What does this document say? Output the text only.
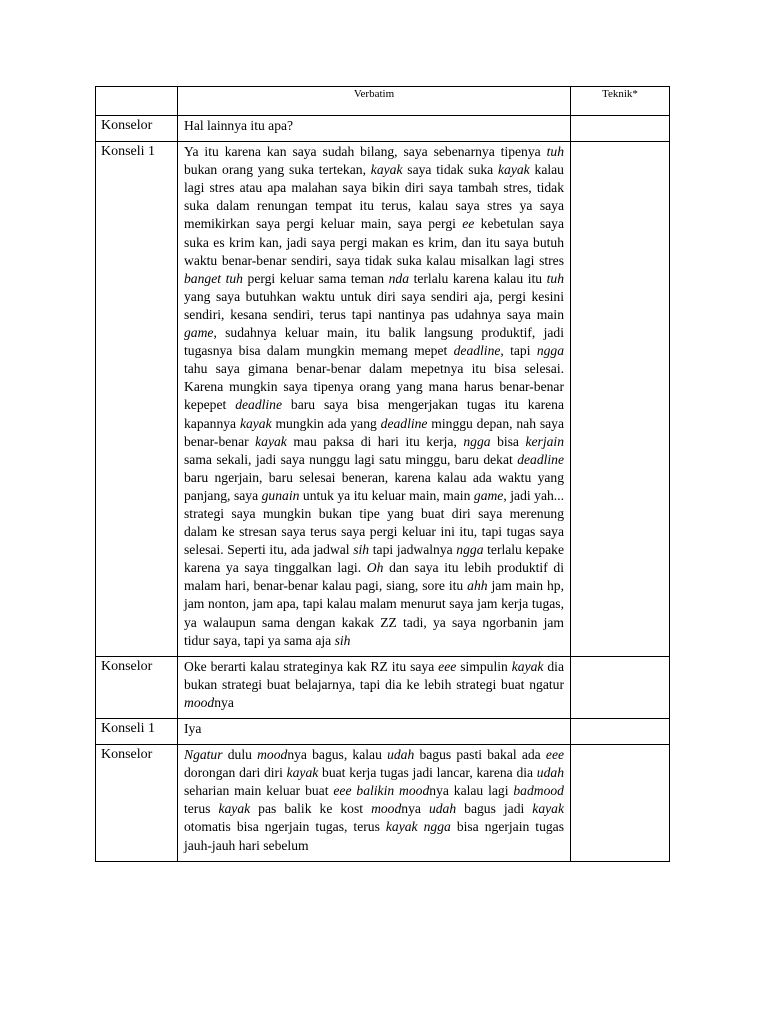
	Verbatim	Teknik*
Konselor	Hal lainnya itu apa?	
Konseli 1	Ya itu karena kan saya sudah bilang, saya sebenarnya tipenya tuh bukan orang yang suka tertekan, kayak saya tidak suka kayak kalau lagi stres atau apa malahan saya bikin diri saya tambah stres, tidak suka dalam renungan tempat itu terus, kalau saya stres ya saya memikirkan saya pergi keluar main, saya pergi ee kebetulan saya suka es krim kan, jadi saya pergi makan es krim, dan itu saya butuh waktu benar-benar sendiri, saya tidak suka kalau misalkan lagi stres banget tuh pergi keluar sama teman nda terlalu karena kalau itu tuh yang saya butuhkan waktu untuk diri saya sendiri aja, pergi kesini sendiri, kesana sendiri, terus tapi nantinya pas udahnya saya main game, sudahnya keluar main, itu balik langsung produktif, jadi tugasnya bisa dalam mungkin memang mepet deadline, tapi ngga tahu saya gimana benar-benar dalam mepetnya itu bisa selesai. Karena mungkin saya tipenya orang yang mana harus benar-benar kepepet deadline baru saya bisa mengerjakan tugas itu karena kapannya kayak mungkin ada yang deadline minggu depan, nah saya benar-benar kayak mau paksa di hari itu kerja, ngga bisa kerjain sama sekali, jadi saya nunggu lagi satu minggu, baru dekat deadline baru ngerjain, baru selesai beneran, karena kalau ada waktu yang panjang, saya gunain untuk ya itu keluar main, main game, jadi yah... strategi saya mungkin bukan tipe yang buat diri saya merenung dalam ke stresan saya terus saya pergi keluar ini itu, tapi tugas saya selesai. Seperti itu, ada jadwal sih tapi jadwalnya ngga terlalu kepake karena ya saya tinggalkan lagi. Oh dan saya itu lebih produktif di malam hari, benar-benar kalau pagi, siang, sore itu ahh jam main hp, jam nonton, jam apa, tapi kalau malam menurut saya jam kerja tugas, ya walaupun sama dengan kakak ZZ tadi, ya saya ngorbanin jam tidur saya, tapi ya sama aja sih	
Konselor	Oke berarti kalau strateginya kak RZ itu saya eee simpulin kayak dia bukan strategi buat belajarnya, tapi dia ke lebih strategi buat ngatur moodnya	
Konseli 1	Iya	
Konselor	Ngatur dulu moodnya bagus, kalau udah bagus pasti bakal ada eee dorongan dari diri kayak buat kerja tugas jadi lancar, karena dia udah seharian main keluar buat eee balikin moodnya kalau lagi badmood terus kayak pas balik ke kost moodnya udah bagus jadi kayak otomatis bisa ngerjain tugas, terus kayak ngga bisa ngerjain tugas jauh-jauh hari sebelum	
